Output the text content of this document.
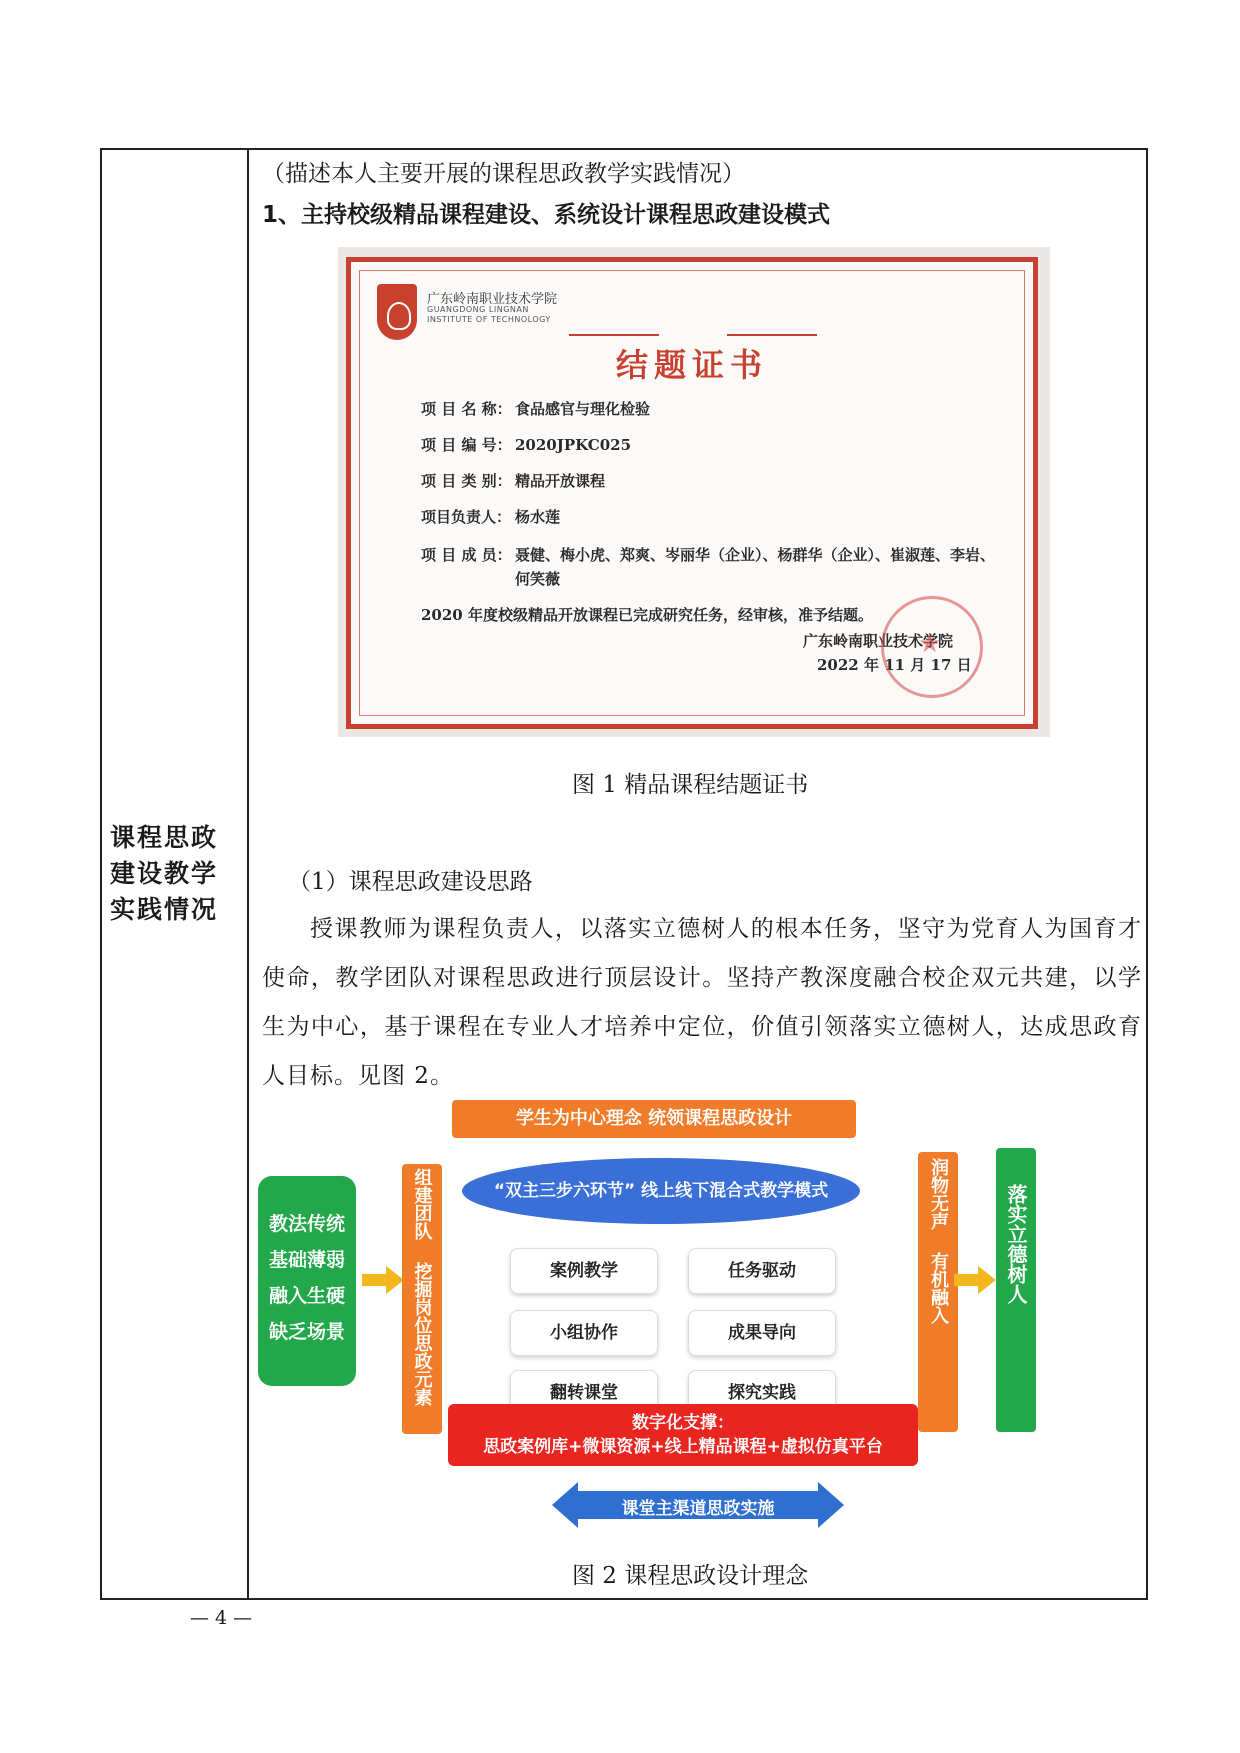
课程思政建设教学实践情况
（描述本人主要开展的课程思政教学实践情况）
1、主持校级精品课程建设、系统设计课程思政建设模式
广东岭南职业技术学院
GUANGDONG LINGNAN
INSTITUTE OF TECHNOLOGY
结题证书
项 目 名 称： 食品感官与理化检验
项 目 编 号： 2020JPKC025
项 目 类 别： 精品开放课程
项目负责人： 杨水莲
项 目 成 员： 聂健、梅小虎、郑爽、岑丽华（企业）、杨群华（企业）、崔淑莲、李岩、
何笑薇
2020 年度校级精品开放课程已完成研究任务，经审核，准予结题。
广东岭南职业技术学院
2022 年 11 月 17 日
★
图 1 精品课程结题证书
（1）课程思政建设思路
授课教师为课程负责人，以落实立德树人的根本任务，坚守为党育人为国育才使命，教学团队对课程思政进行顶层设计。坚持产教深度融合校企双元共建，以学生为中心，基于课程在专业人才培养中定位，价值引领落实立德树人，达成思政育人目标。见图 2。
学生为中心理念 统领课程思政设计
“双主三步六环节” 线上线下混合式教学模式
教法传统
基础薄弱
融入生硬
缺乏场景
组建团队
挖掘岗位思政元素	案例教学	任务驱动
小组协作	成果导向
翻转课堂	探究实践
润物无声
有机融入	落实立德树人
数字化支撑：
思政案例库+微课资源+线上精品课程+虚拟仿真平台
课堂主渠道思政实施
图 2 课程思政设计理念
— 4 —
